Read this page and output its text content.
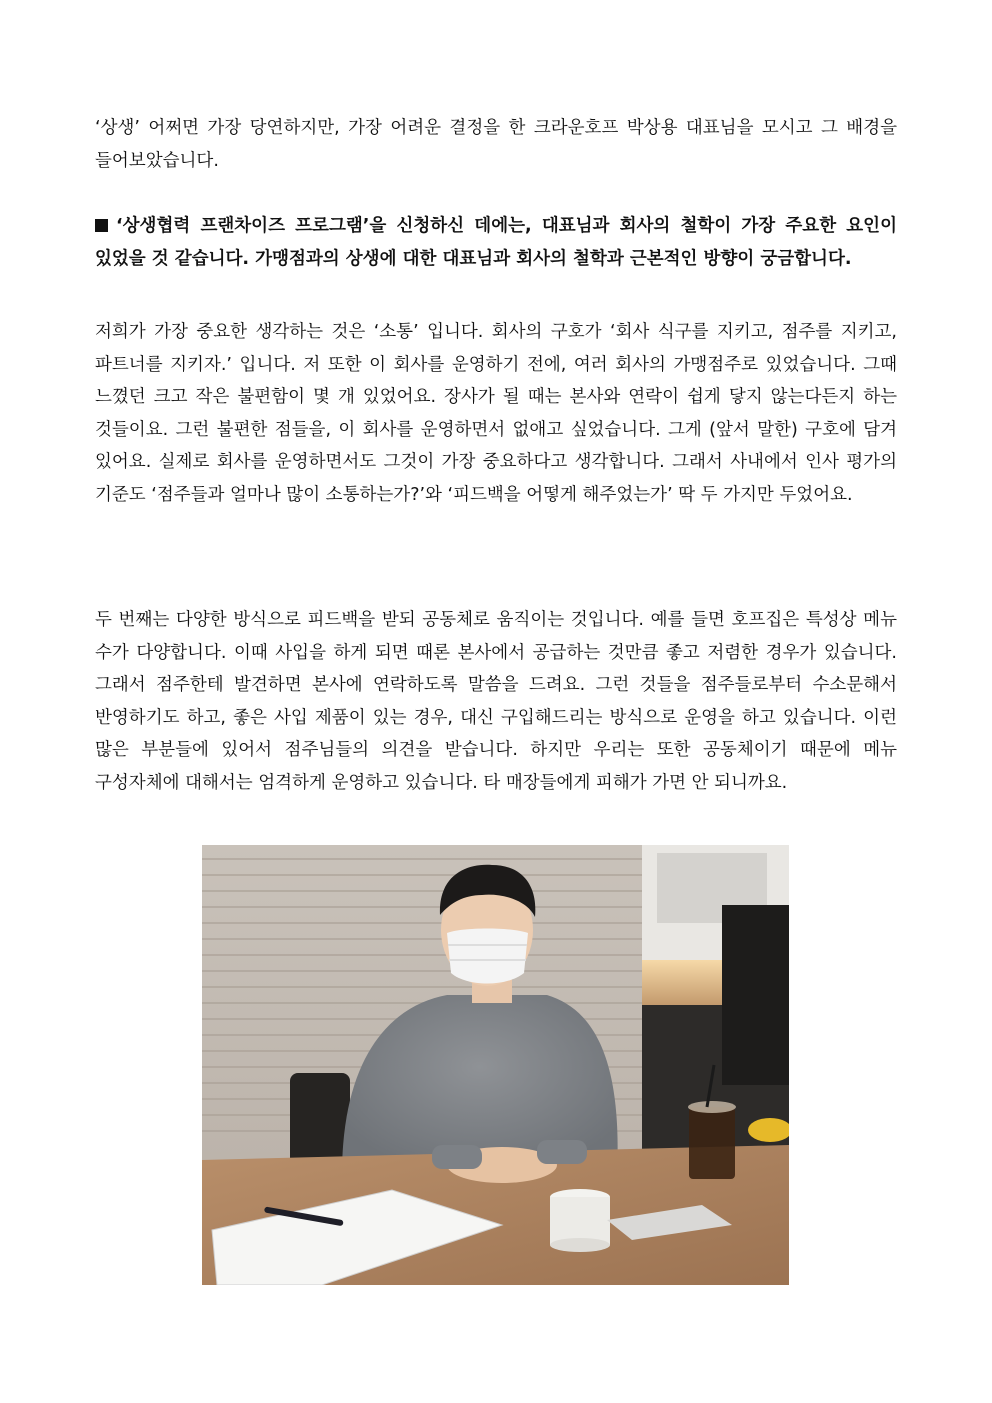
‘상생’ 어쩌면 가장 당연하지만, 가장 어려운 결정을 한 크라운호프 박상용 대표님을 모시고 그 배경을 들어보았습니다.

‘상생협력 프랜차이즈 프로그램’을 신청하신 데에는, 대표님과 회사의 철학이 가장 주요한 요인이 있었을 것 같습니다. 가맹점과의 상생에 대한 대표님과 회사의 철학과 근본적인 방향이 궁금합니다.

저희가 가장 중요한 생각하는 것은 ‘소통’ 입니다. 회사의 구호가 ‘회사 식구를 지키고, 점주를 지키고, 파트너를 지키자.’ 입니다. 저 또한 이 회사를 운영하기 전에, 여러 회사의 가맹점주로 있었습니다. 그때 느꼈던 크고 작은 불편함이 몇 개 있었어요. 장사가 될 때는 본사와 연락이 쉽게 닿지 않는다든지 하는 것들이요. 그런 불편한 점들을, 이 회사를 운영하면서 없애고 싶었습니다. 그게 (앞서 말한) 구호에 담겨 있어요. 실제로 회사를 운영하면서도 그것이 가장 중요하다고 생각합니다. 그래서 사내에서 인사 평가의 기준도 ‘점주들과 얼마나 많이 소통하는가?’와 ‘피드백을 어떻게 해주었는가’ 딱 두 가지만 두었어요.

두 번째는 다양한 방식으로 피드백을 받되 공동체로 움직이는 것입니다. 예를 들면 호프집은 특성상 메뉴 수가 다양합니다. 이때 사입을 하게 되면 때론 본사에서 공급하는 것만큼 좋고 저렴한 경우가 있습니다. 그래서 점주한테 발견하면 본사에 연락하도록 말씀을 드려요. 그런 것들을 점주들로부터 수소문해서 반영하기도 하고, 좋은 사입 제품이 있는 경우, 대신 구입해드리는 방식으로 운영을 하고 있습니다. 이런 많은 부분들에 있어서 점주님들의 의견을 받습니다. 하지만 우리는 또한 공동체이기 때문에 메뉴 구성자체에 대해서는 엄격하게 운영하고 있습니다. 타 매장들에게 피해가 가면 안 되니까요.
